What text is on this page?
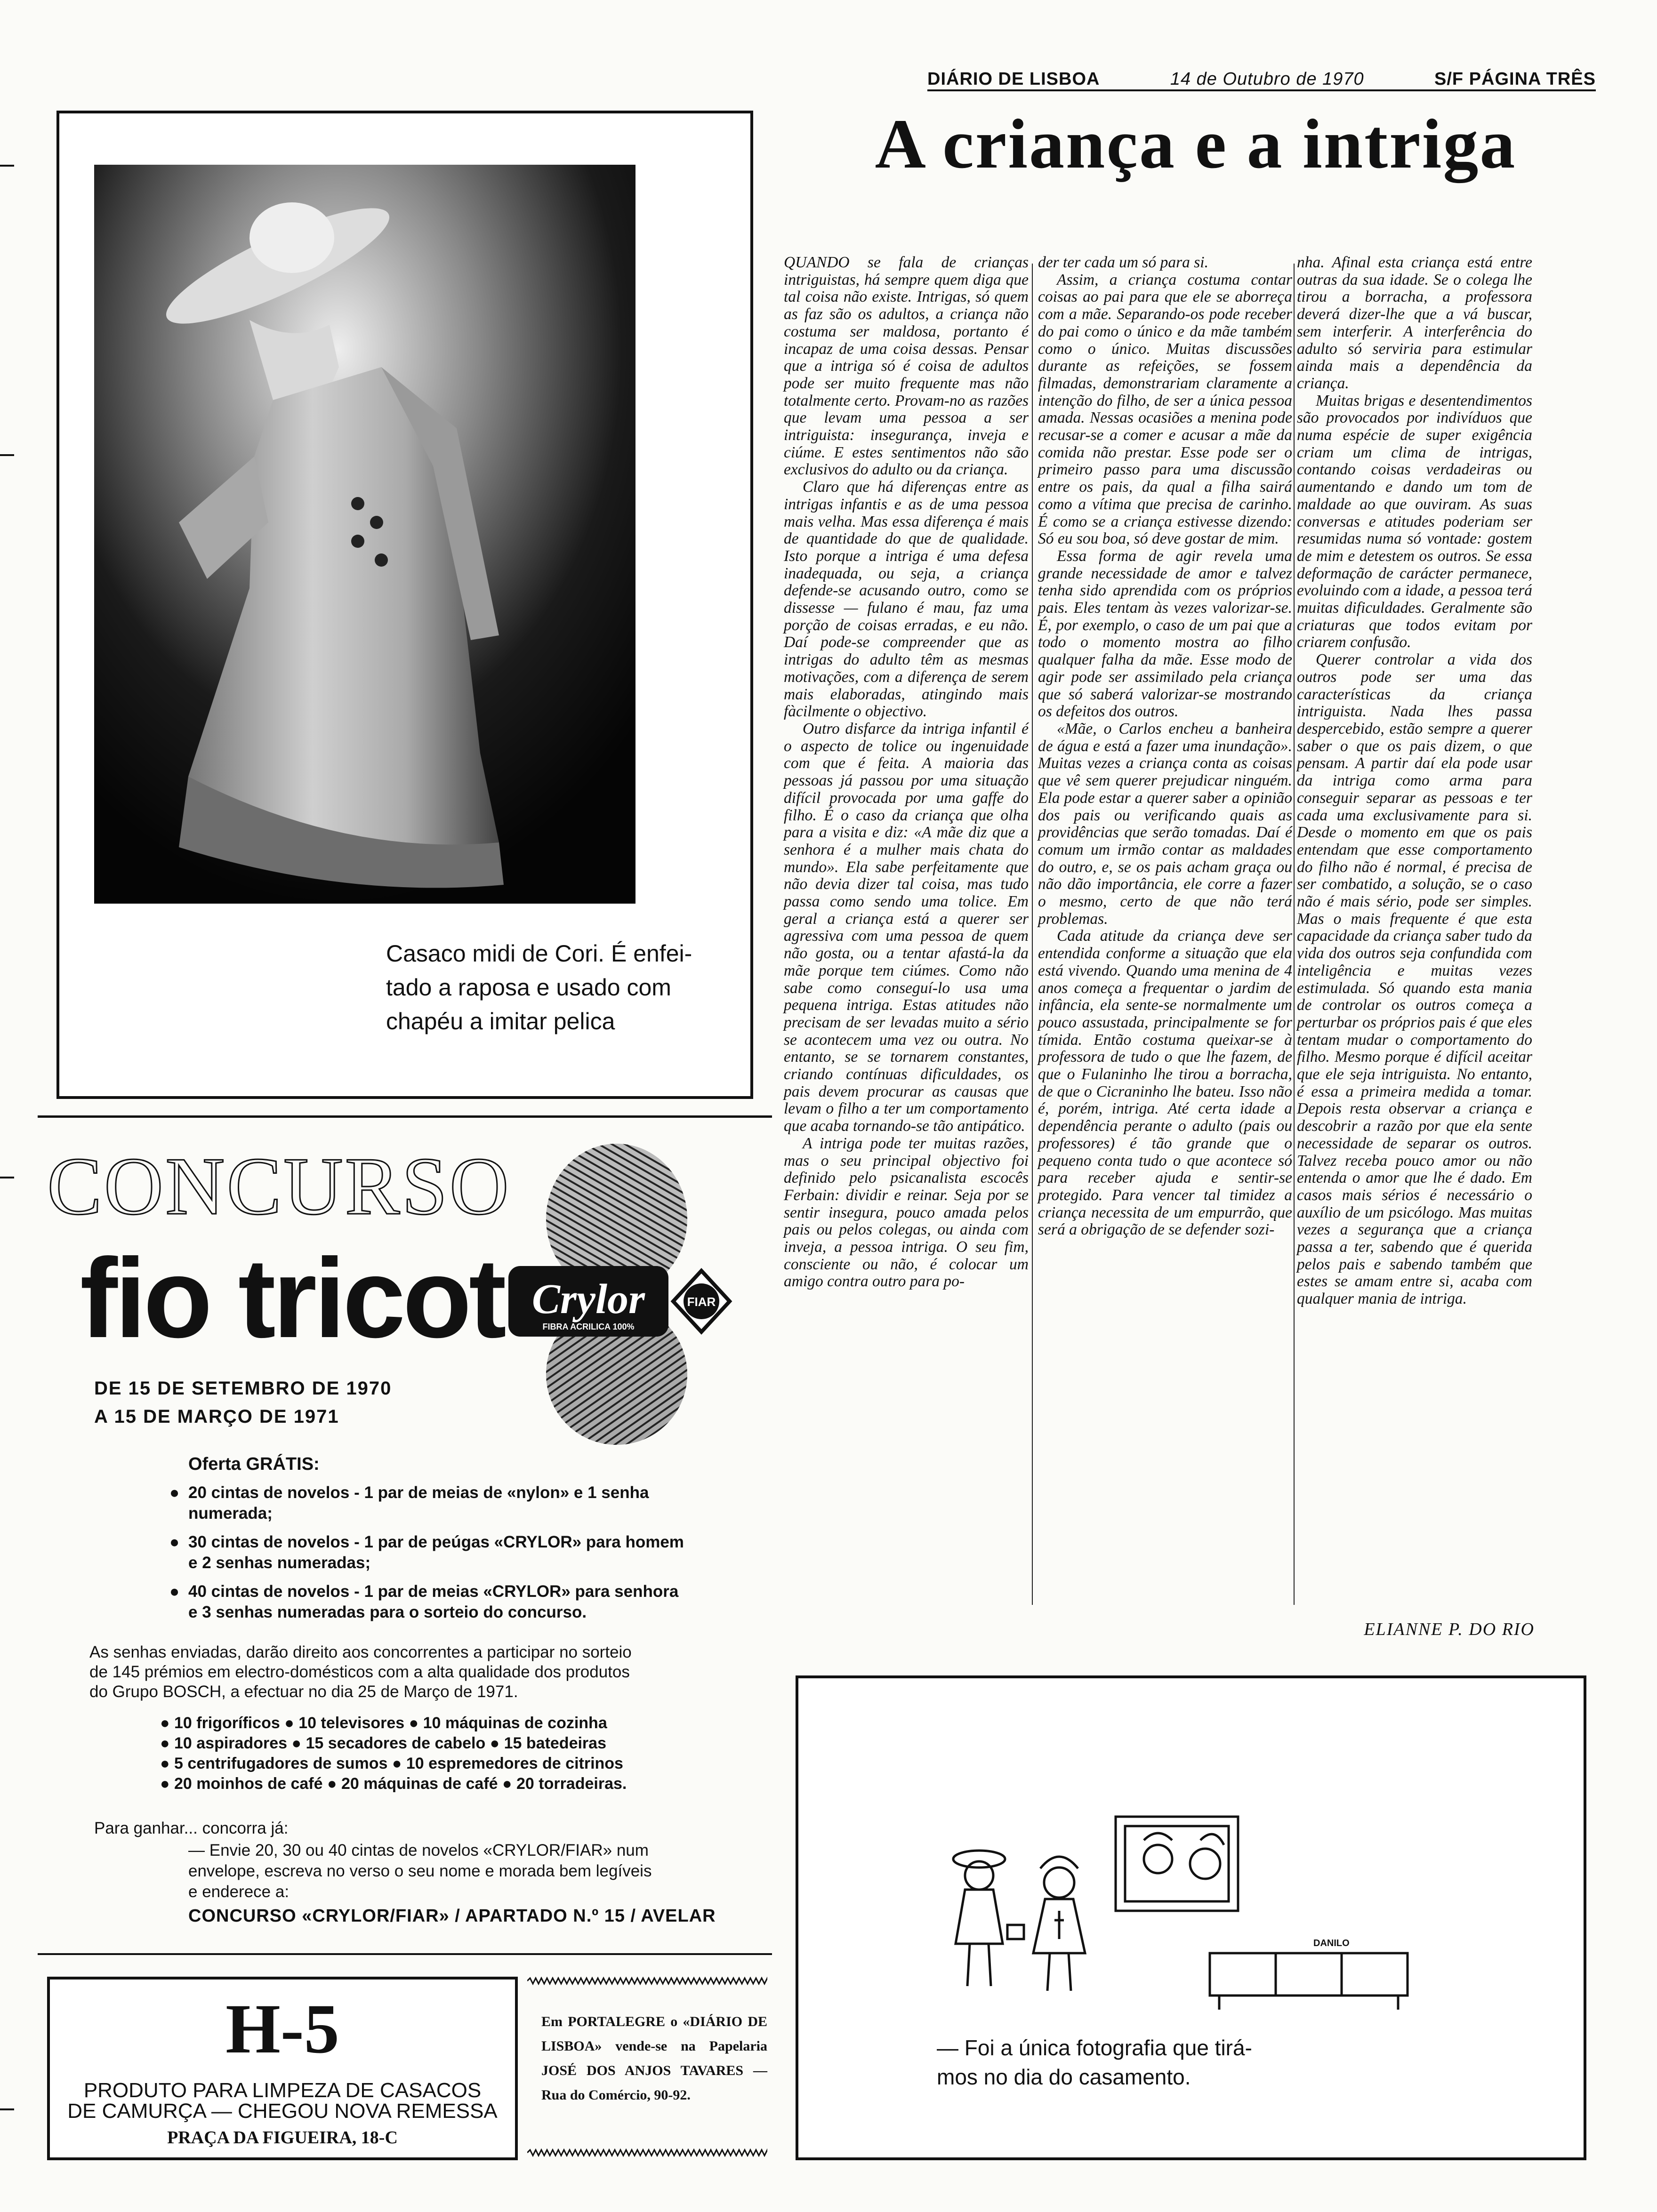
DIÁRIO DE LISBOA	14 de Outubro de 1970	S/F PÁGINA TRÊS
A criança e a intriga
Casaco midi de Cori. É enfei-
tado a raposa e usado com
chapéu a imitar pelica

QUANDO se fala de crianças intriguistas, há sempre quem diga que tal coisa não existe. Intrigas, só quem as faz são os adultos, a criança não costuma ser maldosa, portanto é incapaz de uma coisa dessas. Pensar que a intriga só é coisa de adultos pode ser muito frequente mas não totalmente certo. Provam-no as razões que levam uma pessoa a ser intriguista: insegurança, inveja e ciúme. E estes sentimentos não são exclusivos do adulto ou da criança.

Claro que há diferenças entre as intrigas infantis e as de uma pessoa mais velha. Mas essa diferença é mais de quantidade do que de qualidade. Isto porque a intriga é uma defesa inadequada, ou seja, a criança defende-se acusando outro, como se dissesse — fulano é mau, faz uma porção de coisas erradas, e eu não. Daí pode-se compreender que as intrigas do adulto têm as mesmas motivações, com a diferença de serem mais elaboradas, atingindo mais fàcilmente o objectivo.

Outro disfarce da intriga infantil é o aspecto de tolice ou ingenuidade com que é feita. A maioria das pessoas já passou por uma situação difícil provocada por uma gaffe do filho. É o caso da criança que olha para a visita e diz: «A mãe diz que a senhora é a mulher mais chata do mundo». Ela sabe perfeitamente que não devia dizer tal coisa, mas tudo passa como sendo uma tolice. Em geral a criança está a querer ser agressiva com uma pessoa de quem não gosta, ou a tentar afastá-la da mãe porque tem ciúmes. Como não sabe como conseguí-lo usa uma pequena intriga. Estas atitudes não precisam de ser levadas muito a sério se acontecem uma vez ou outra. No entanto, se se tornarem constantes, criando contínuas dificuldades, os pais devem procurar as causas que levam o filho a ter um comportamento que acaba tornando-se tão antipático.

A intriga pode ter muitas razões, mas o seu principal objectivo foi definido pelo psicanalista escocês Ferbain: dividir e reinar. Seja por se sentir insegura, pouco amada pelos pais ou pelos colegas, ou ainda com inveja, a pessoa intriga. O seu fim, consciente ou não, é colocar um amigo contra outro para po-

der ter cada um só para si.

Assim, a criança costuma contar coisas ao pai para que ele se aborreça com a mãe. Separando-os pode receber do pai como o único e da mãe também como o único. Muitas discussões durante as refeições, se fossem filmadas, demonstrariam claramente a intenção do filho, de ser a única pessoa amada. Nessas ocasiões a menina pode recusar-se a comer e acusar a mãe da comida não prestar. Esse pode ser o primeiro passo para uma discussão entre os pais, da qual a filha sairá como a vítima que precisa de carinho. É como se a criança estivesse dizendo: Só eu sou boa, só deve gostar de mim.

Essa forma de agir revela uma grande necessidade de amor e talvez tenha sido aprendida com os próprios pais. Eles tentam às vezes valorizar-se. É, por exemplo, o caso de um pai que a todo o momento mostra ao filho qualquer falha da mãe. Esse modo de agir pode ser assimilado pela criança que só saberá valorizar-se mostrando os defeitos dos outros.

«Mãe, o Carlos encheu a banheira de água e está a fazer uma inundação». Muitas vezes a criança conta as coisas que vê sem querer prejudicar ninguém. Ela pode estar a querer saber a opinião dos pais ou verificando quais as providências que serão tomadas. Daí é comum um irmão contar as maldades do outro, e, se os pais acham graça ou não dão importância, ele corre a fazer o mesmo, certo de que não terá problemas.

Cada atitude da criança deve ser entendida conforme a situação que ela está vivendo. Quando uma menina de 4 anos começa a frequentar o jardim de infância, ela sente-se normalmente um pouco assustada, principalmente se for tímida. Então costuma queixar-se à professora de tudo o que lhe fazem, de que o Fulaninho lhe tirou a borracha, de que o Cicraninho lhe bateu. Isso não é, porém, intriga. Até certa idade a dependência perante o adulto (pais ou professores) é tão grande que o pequeno conta tudo o que acontece só para receber ajuda e sentir-se protegido. Para vencer tal timidez a criança necessita de um empurrão, que será a obrigação de se defender sozi-

nha. Afinal esta criança está entre outras da sua idade. Se o colega lhe tirou a borracha, a professora deverá dizer-lhe que a vá buscar, sem interferir. A interferência do adulto só serviria para estimular ainda mais a dependência da criança.

Muitas brigas e desentendimentos são provocados por indivíduos que numa espécie de super exigência criam um clima de intrigas, contando coisas verdadeiras ou aumentando e dando um tom de maldade ao que ouviram. As suas conversas e atitudes poderiam ser resumidas numa só vontade: gostem de mim e detestem os outros. Se essa deformação de carácter permanece, evoluindo com a idade, a pessoa terá muitas dificuldades. Geralmente são criaturas que todos evitam por criarem confusão.

Querer controlar a vida dos outros pode ser uma das características da criança intriguista. Nada lhes passa despercebido, estão sempre a querer saber o que os pais dizem, o que pensam. A partir daí ela pode usar da intriga como arma para conseguir separar as pessoas e ter cada uma exclusivamente para si. Desde o momento em que os pais entendam que esse comportamento do filho não é normal, é precisa de ser combatido, a solução, se o caso não é mais sério, pode ser simples. Mas o mais frequente é que esta capacidade da criança saber tudo da vida dos outros seja confundida com inteligência e muitas vezes estimulada. Só quando esta mania de controlar os outros começa a perturbar os próprios pais é que eles tentam mudar o comportamento do filho. Mesmo porque é difícil aceitar que ele seja intriguista. No entanto, é essa a primeira medida a tomar. Depois resta observar a criança e descobrir a razão por que ela sente necessidade de separar os outros. Talvez receba pouco amor ou não entenda o amor que lhe é dado. Em casos mais sérios é necessário o auxílio de um psicólogo. Mas muitas vezes a segurança que a criança passa a ter, sabendo que é querida pelos pais e sabendo também que estes se amam entre si, acaba com qualquer mania de intriga.

ELIANNE P. DO RIO
CONCURSO
fio tricot Crylor
FIBRA ACRILICA 100%
FIAR
DE 15 DE SETEMBRO DE 1970
A 15 DE MARÇO DE 1971
Oferta GRÁTIS:
● 20 cintas de novelos - 1 par de meias de «nylon» e 1 senha
numerada;
● 30 cintas de novelos - 1 par de peúgas «CRYLOR» para homem
e 2 senhas numeradas;
● 40 cintas de novelos - 1 par de meias «CRYLOR» para senhora
e 3 senhas numeradas para o sorteio do concurso.
As senhas enviadas, darão direito aos concorrentes a participar no sorteio
de 145 prémios em electro-domésticos com a alta qualidade dos produtos
do Grupo BOSCH, a efectuar no dia 25 de Março de 1971.
● 10 frigoríficos ● 10 televisores ● 10 máquinas de cozinha
● 10 aspiradores ● 15 secadores de cabelo ● 15 batedeiras
● 5 centrifugadores de sumos ● 10 espremedores de citrinos
● 20 moinhos de café ● 20 máquinas de café ● 20 torradeiras.
Para ganhar... concorra já:
— Envie 20, 30 ou 40 cintas de novelos «CRYLOR/FIAR» num
envelope, escreva no verso o seu nome e morada bem legíveis
e enderece a:
CONCURSO «CRYLOR/FIAR» / APARTADO N.º 15 / AVELAR
H-5
PRODUTO PARA LIMPEZA DE CASACOS
DE CAMURÇA — CHEGOU NOVA REMESSA
PRAÇA DA FIGUEIRA, 18-C
Em PORTALEGRE o «DIÁRIO DE LISBOA» vende-se na Papelaria JOSÉ DOS ANJOS TAVARES — Rua do Comércio, 90-92.
DANILO
— Foi a única fotografia que tirá-
mos no dia do casamento.
